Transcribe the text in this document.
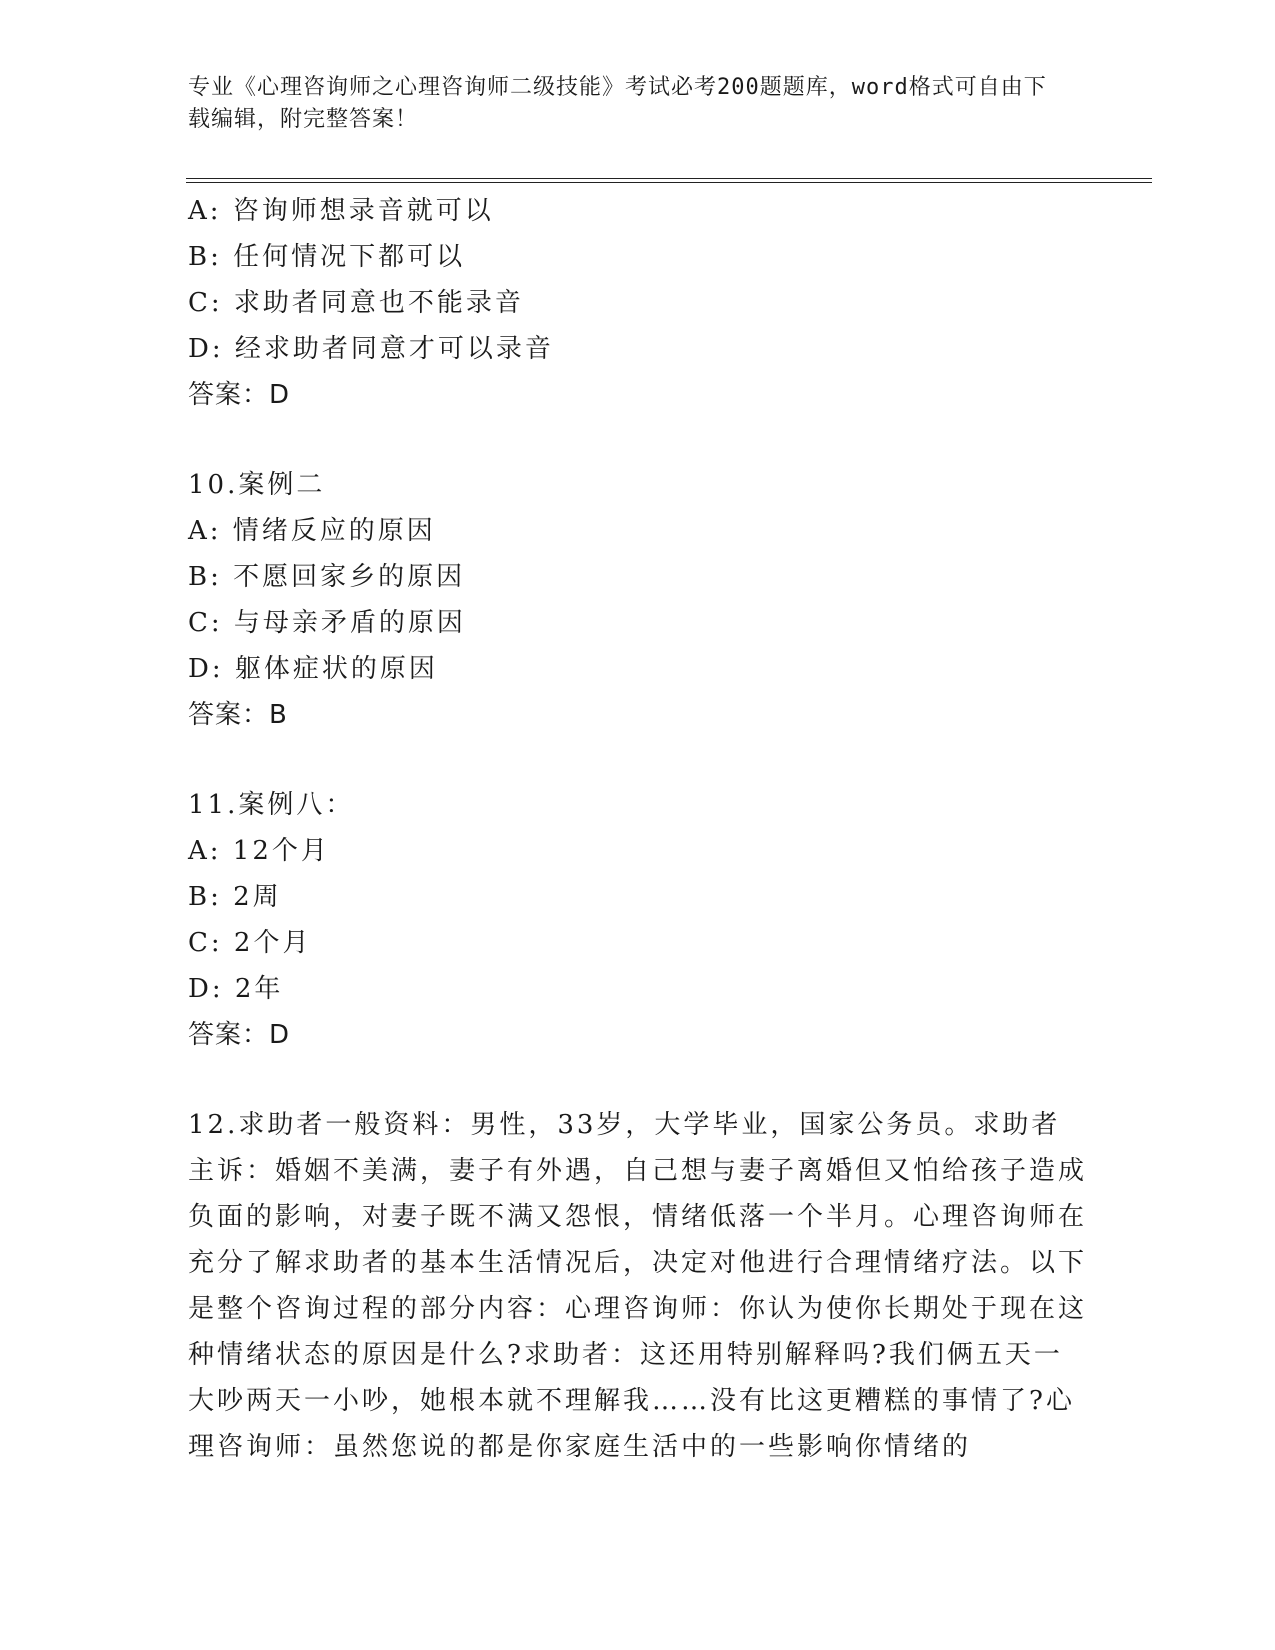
专业《心理咨询师之心理咨询师二级技能》考试必考200题题库，word格式可自由下载编辑，附完整答案！
A: 咨询师想录音就可以
B: 任何情况下都可以
C: 求助者同意也不能录音
D: 经求助者同意才可以录音
答案：D
10.案例二
A: 情绪反应的原因
B: 不愿回家乡的原因
C: 与母亲矛盾的原因
D: 躯体症状的原因
答案：B
11.案例八：
A: 12个月
B: 2周
C: 2个月
D: 2年
答案：D
12.求助者一般资料：男性，33岁，大学毕业，国家公务员。求助者主诉：婚姻不美满，妻子有外遇，自己想与妻子离婚但又怕给孩子造成负面的影响，对妻子既不满又怨恨，情绪低落一个半月。心理咨询师在充分了解求助者的基本生活情况后，决定对他进行合理情绪疗法。以下是整个咨询过程的部分内容：心理咨询师：你认为使你长期处于现在这种情绪状态的原因是什么?求助者：这还用特别解释吗?我们俩五天一大吵两天一小吵，她根本就不理解我……没有比这更糟糕的事情了?心理咨询师：虽然您说的都是你家庭生活中的一些影响你情绪的
